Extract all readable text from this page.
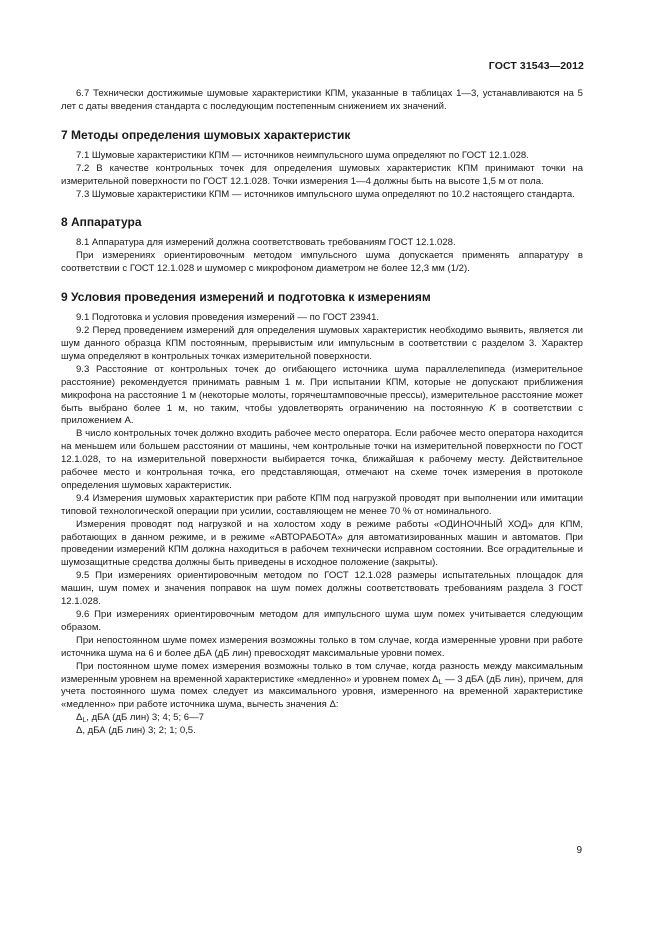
ГОСТ 31543—2012

6.7 Технически достижимые шумовые характеристики КПМ, указанные в таблицах 1—3, устанавливаются на 5 лет с даты введения стандарта с последующим постепенным снижением их значений.

7 Методы определения шумовых характеристик

7.1 Шумовые характеристики КПМ — источников неимпульсного шума определяют по ГОСТ 12.1.028.

7.2 В качестве контрольных точек для определения шумовых характеристик КПМ принимают точки на измерительной поверхности по ГОСТ 12.1.028. Точки измерения 1—4 должны быть на высоте 1,5 м от пола.

7.3 Шумовые характеристики КПМ — источников импульсного шума определяют по 10.2 настоящего стандарта.

8 Аппаратура

8.1 Аппаратура для измерений должна соответствовать требованиям ГОСТ 12.1.028.

При измерениях ориентировочным методом импульсного шума допускается применять аппаратуру в соответствии с ГОСТ 12.1.028 и шумомер с микрофоном диаметром не более 12,3 мм (1/2).

9 Условия проведения измерений и подготовка к измерениям

9.1 Подготовка и условия проведения измерений — по ГОСТ 23941.

9.2 Перед проведением измерений для определения шумовых характеристик необходимо выявить, является ли шум данного образца КПМ постоянным, прерывистым или импульсным в соответствии с разделом 3. Характер шума определяют в контрольных точках измерительной поверхности.

9.3 Расстояние от контрольных точек до огибающего источника шума параллелепипеда (измерительное расстояние) рекомендуется принимать равным 1 м. При испытании КПМ, которые не допускают приближения микрофона на расстояние 1 м (некоторые молоты, горячештамповочные прессы), измерительное расстояние может быть выбрано более 1 м, но таким, чтобы удовлетворять ограничению на постоянную K в соответствии с приложением А.

В число контрольных точек должно входить рабочее место оператора. Если рабочее место оператора находится на меньшем или большем расстоянии от машины, чем контрольные точки на измерительной поверхности по ГОСТ 12.1.028, то на измерительной поверхности выбирается точка, ближайшая к рабочему месту. Действительное рабочее место и контрольная точка, его представляющая, отмечают на схеме точек измерения в протоколе определения шумовых характеристик.

9.4 Измерения шумовых характеристик при работе КПМ под нагрузкой проводят при выполнении или имитации типовой технологической операции при усилии, составляющем не менее 70 % от номинального.

Измерения проводят под нагрузкой и на холостом ходу в режиме работы «ОДИНОЧНЫЙ ХОД» для КПМ, работающих в данном режиме, и в режиме «АВТОРАБОТА» для автоматизированных машин и автоматов. При проведении измерений КПМ должна находиться в рабочем технически исправном состоянии. Все оградительные и шумозащитные средства должны быть приведены в исходное положение (закрыты).

9.5 При измерениях ориентировочным методом по ГОСТ 12.1.028 размеры испытательных площадок для машин, шум помех и значения поправок на шум помех должны соответствовать требованиям раздела 3 ГОСТ 12.1.028.

9.6 При измерениях ориентировочным методом для импульсного шума шум помех учитывается следующим образом.

При непостоянном шуме помех измерения возможны только в том случае, когда измеренные уровни при работе источника шума на 6 и более дБА (дБ лин) превосходят максимальные уровни помех.

При постоянном шуме помех измерения возможны только в том случае, когда разность между максимальным измеренным уровнем на временной характеристике «медленно» и уровнем помех $\Delta_L$ — 3 дБА (дБ лин), причем, для учета постоянного шума помех следует из максимального уровня, измеренного на временной характеристике «медленно» при работе источника шума, вычесть значения Δ:

$\Delta_L$, дБА (дБ лин) 3; 4; 5; 6—7

Δ, дБА (дБ лин) 3; 2; 1; 0,5.

9
